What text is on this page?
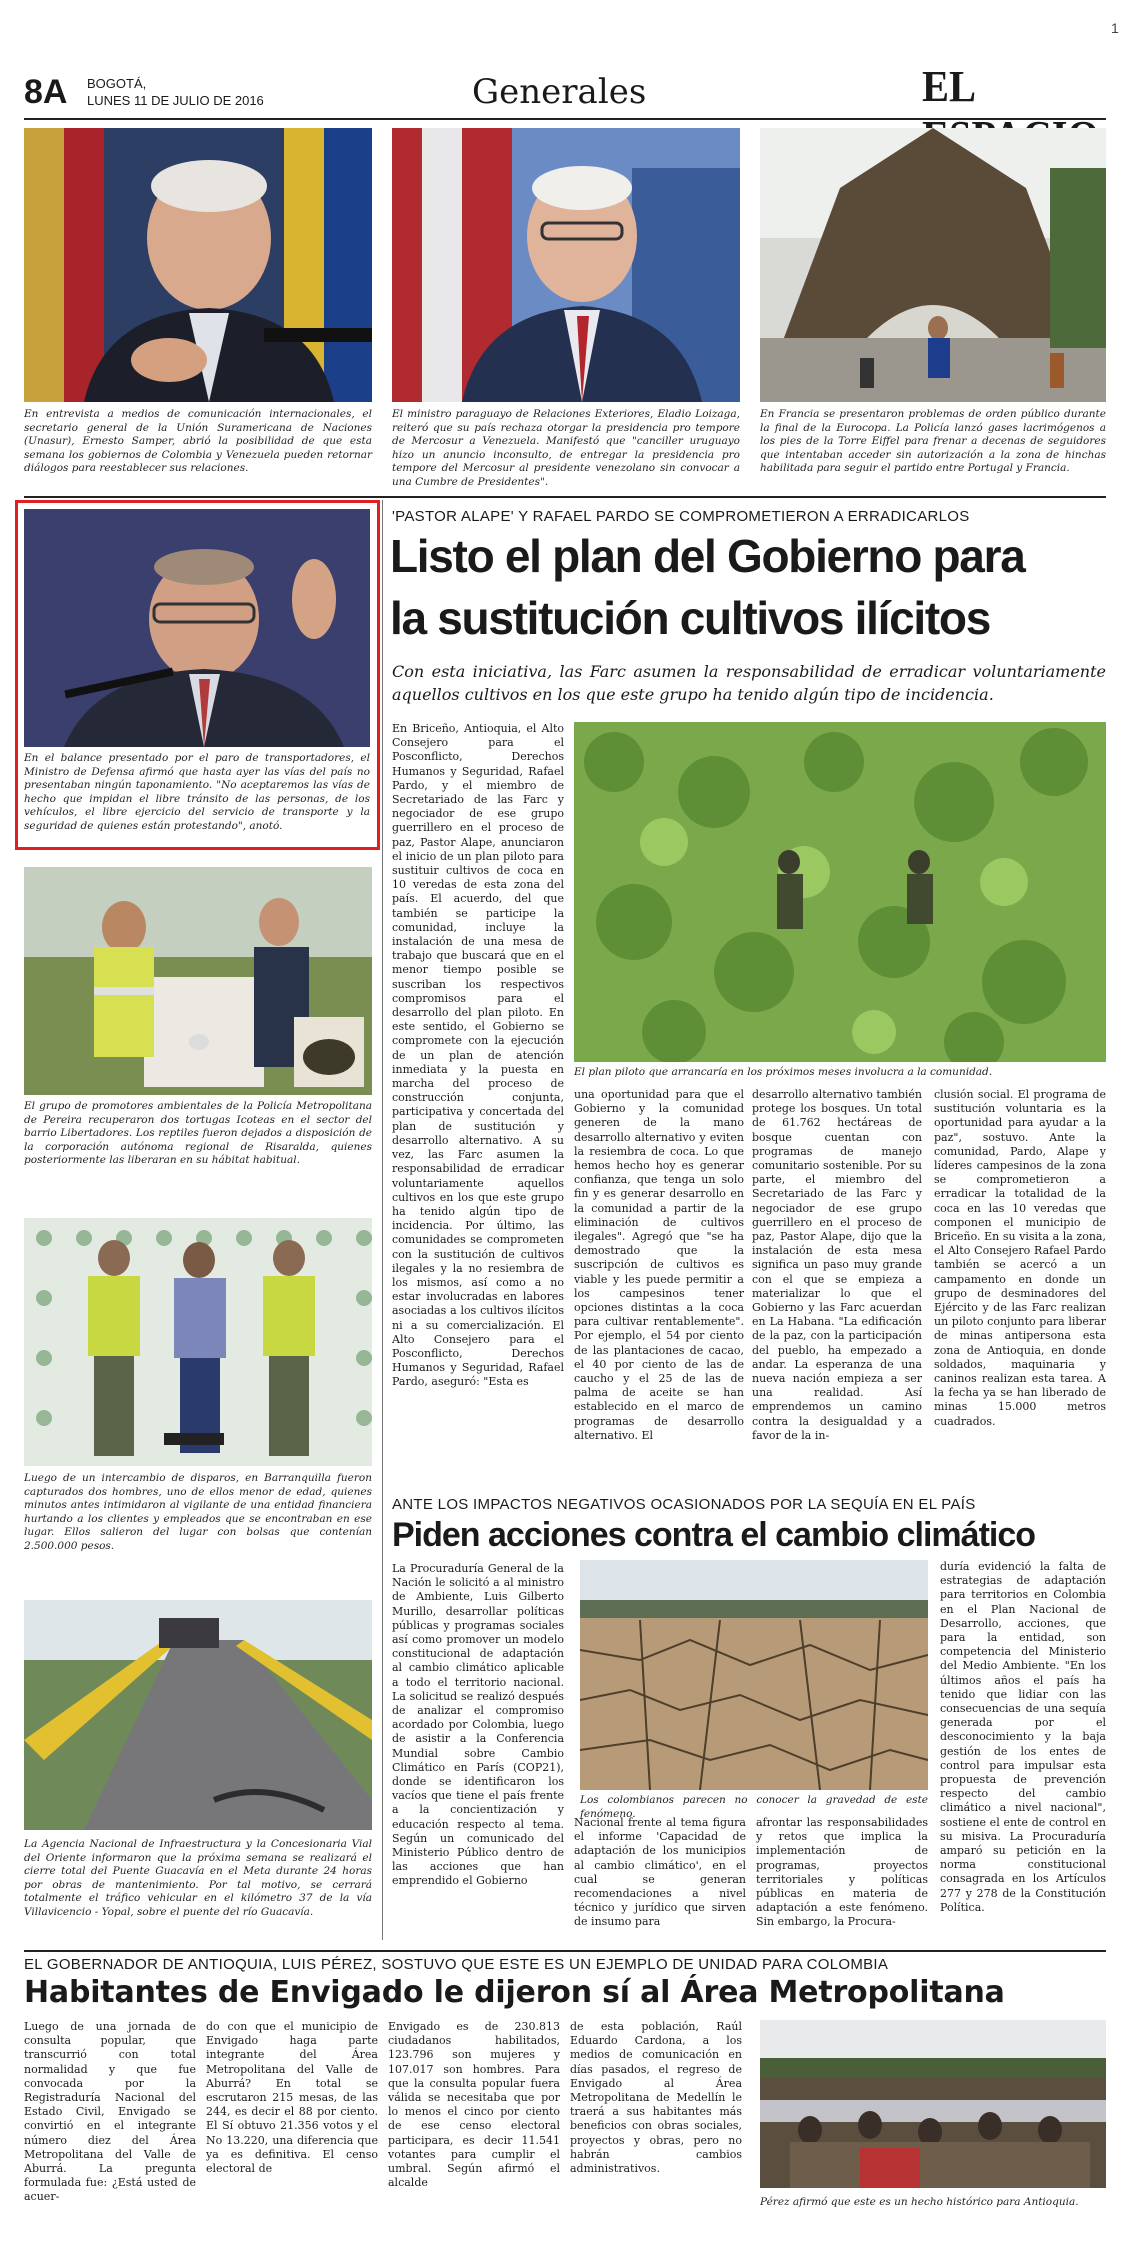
8A BOGOTÁ,
LUNES 11 DE JULIO DE 2016	Generales	EL
1
En entrevista a medios de comunicación internacionales, el secretario general de la Unión Suramericana de Naciones (Unasur), Ernesto Samper, abrió la posibilidad de que esta semana los gobiernos de Colombia y Venezuela pueden retornar diálogos para reestablecer sus relaciones.
El ministro paraguayo de Relaciones Exteriores, Eladio Loizaga, reiteró que su país rechaza otorgar la presidencia pro tempore de Mercosur a Venezuela. Manifestó que "canciller uruguayo hizo un anuncio inconsulto, de entregar la presidencia pro tempore del Mercosur al presidente venezolano sin convocar a una Cumbre de Presidentes".
En Francia se presentaron problemas de orden público durante la final de la Eurocopa. La Policía lanzó gases lacrimógenos a los pies de la Torre Eiffel para frenar a decenas de seguidores que intentaban acceder sin autorización a la zona de hinchas habilitada para seguir el partido entre Portugal y Francia.
En el balance presentado por el paro de transportadores, el Ministro de Defensa afirmó que hasta ayer las vías del país no presentaban ningún taponamiento. "No aceptaremos las vías de hecho que impidan el libre tránsito de las personas, de los vehículos, el libre ejercicio del servicio de transporte y la seguridad de quienes están protestando", anotó.
El grupo de promotores ambientales de la Policía Metropolitana de Pereira recuperaron dos tortugas Icoteas en el sector del barrio Libertadores. Los reptiles fueron dejados a disposición de la corporación autónoma regional de Risaralda, quienes posteriormente las liberaran en su hábitat habitual.
Luego de un intercambio de disparos, en Barranquilla fueron capturados dos hombres, uno de ellos menor de edad, quienes minutos antes intimidaron al vigilante de una entidad financiera hurtando a los clientes y empleados que se encontraban en ese lugar. Ellos salieron del lugar con bolsas que contenían 2.500.000 pesos.
La Agencia Nacional de Infraestructura y la Concesionaria Vial del Oriente informaron que la próxima semana se realizará el cierre total del Puente Guacavía en el Meta durante 24 horas por obras de mantenimiento. Por tal motivo, se cerrará totalmente el tráfico vehicular en el kilómetro 37 de la vía Villavicencio - Yopal, sobre el puente del río Guacavía.
'PASTOR ALAPE' Y RAFAEL PARDO SE COMPROMETIERON A ERRADICARLOS
Listo el plan del Gobierno para
la sustitución cultivos ilícitos
Con esta iniciativa, las Farc asumen la responsabilidad de erradicar voluntariamente aquellos cultivos en los que este grupo ha tenido algún tipo de incidencia.
En Briceño, Antioquia, el Alto Consejero para el Posconflicto, Derechos Humanos y Seguridad, Rafael Pardo, y el miembro de Secretariado de las Farc y negociador de ese grupo guerrillero en el proceso de paz, Pastor Alape, anunciaron el inicio de un plan piloto para sustituir cultivos de coca en 10 veredas de esta zona del país. El acuerdo, del que también se participe la comunidad, incluye la instalación de una mesa de trabajo que buscará que en el menor tiempo posible se suscriban los respectivos compromisos para el desarrollo del plan piloto. En este sentido, el Gobierno se compromete con la ejecución de un plan de atención inmediata y la puesta en marcha del proceso de construcción conjunta, participativa y concertada del plan de sustitución y desarrollo alternativo. A su vez, las Farc asumen la responsabilidad de erradicar voluntariamente aquellos cultivos en los que este grupo ha tenido algún tipo de incidencia. Por último, las comunidades se comprometen con la sustitución de cultivos ilegales y la no resiembra de los mismos, así como a no estar involucradas en labores asociadas a los cultivos ilícitos ni a su comercialización. El Alto Consejero para el Posconflicto, Derechos Humanos y Seguridad, Rafael Pardo, aseguró: "Esta es
El plan piloto que arrancaría en los próximos meses involucra a la comunidad.
una oportunidad para que el Gobierno y la comunidad generen de la mano desarrollo alternativo y eviten la resiembra de coca. Lo que hemos hecho hoy es generar confianza, que tenga un solo fin y es generar desarrollo en la comunidad a partir de la eliminación de cultivos ilegales". Agregó que "se ha demostrado que la suscripción de cultivos es viable y les puede permitir a los campesinos tener opciones distintas a la coca para cultivar rentablemente". Por ejemplo, el 54 por ciento de las plantaciones de cacao, el 40 por ciento de las de caucho y el 25 de las de palma de aceite se han establecido en el marco de programas de desarrollo alternativo. El
desarrollo alternativo también protege los bosques. Un total de 61.762 hectáreas de bosque cuentan con programas de manejo comunitario sostenible. Por su parte, el miembro del Secretariado de las Farc y negociador de ese grupo guerrillero en el proceso de paz, Pastor Alape, dijo que la instalación de esta mesa significa un paso muy grande con el que se empieza a materializar lo que el Gobierno y las Farc acuerdan en La Habana. "La edificación de la paz, con la participación del pueblo, ha empezado a andar. La esperanza de una nueva nación empieza a ser una realidad. Así emprendemos un camino contra la desigualdad y a favor de la in-
clusión social. El programa de sustitución voluntaria es la oportunidad para ayudar a la paz", sostuvo. Ante la comunidad, Pardo, Alape y líderes campesinos de la zona se comprometieron a erradicar la totalidad de la coca en las 10 veredas que componen el municipio de Briceño. En su visita a la zona, el Alto Consejero Rafael Pardo también se acercó a un campamento en donde un grupo de desminadores del Ejército y de las Farc realizan un piloto conjunto para liberar de minas antipersona esta zona de Antioquia, en donde soldados, maquinaria y caninos realizan esta tarea. A la fecha ya se han liberado de minas 15.000 metros cuadrados.
ANTE LOS IMPACTOS NEGATIVOS OCASIONADOS POR LA SEQUÍA EN EL PAÍS
Piden acciones contra el cambio climático
La Procuraduría General de la Nación le solicitó a al ministro de Ambiente, Luis Gilberto Murillo, desarrollar políticas públicas y programas sociales así como promover un modelo constitucional de adaptación al cambio climático aplicable a todo el territorio nacional. La solicitud se realizó después de analizar el compromiso acordado por Colombia, luego de asistir a la Conferencia Mundial sobre Cambio Climático en París (COP21), donde se identificaron los vacíos que tiene el país frente a la concientización y educación respecto al tema. Según un comunicado del Ministerio Público dentro de las acciones que han emprendido el Gobierno
Los colombianos parecen no conocer la gravedad de este fenómeno.
Nacional frente al tema figura el informe 'Capacidad de adaptación de los municipios al cambio climático', en el cual se generan recomendaciones a nivel técnico y jurídico que sirven de insumo para
afrontar las responsabilidades y retos que implica la implementación de programas, proyectos territoriales y políticas públicas en materia de adaptación a este fenómeno. Sin embargo, la Procura-
duría evidenció la falta de estrategias de adaptación para territorios en Colombia en el Plan Nacional de Desarrollo, acciones, que para la entidad, son competencia del Ministerio del Medio Ambiente. "En los últimos años el país ha tenido que lidiar con las consecuencias de una sequía generada por el desconocimiento y la baja gestión de los entes de control para impulsar esta propuesta de prevención respecto del cambio climático a nivel nacional", sostiene el ente de control en su misiva. La Procuraduría amparó su petición en la norma constitucional consagrada en los Artículos 277 y 278 de la Constitución Política.
EL GOBERNADOR DE ANTIOQUIA, LUIS PÉREZ, SOSTUVO QUE ESTE ES UN EJEMPLO DE UNIDAD PARA COLOMBIA
Habitantes de Envigado le dijeron sí al Área Metropolitana
Luego de una jornada de consulta popular, que transcurrió con total normalidad y que fue convocada por la Registraduría Nacional del Estado Civil, Envigado se convirtió en el integrante número diez del Área Metropolitana del Valle de Aburrá. La pregunta formulada fue: ¿Está usted de acuer-
do con que el municipio de Envigado haga parte integrante del Área Metropolitana del Valle de Aburrá? En total se escrutaron 215 mesas, de las 244, es decir el 88 por ciento. El Sí obtuvo 21.356 votos y el No 13.220, una diferencia que ya es definitiva. El censo electoral de
Envigado es de 230.813 ciudadanos habilitados, 123.796 son mujeres y 107.017 son hombres. Para que la consulta popular fuera válida se necesitaba que por lo menos el cinco por ciento de ese censo electoral participara, es decir 11.541 votantes para cumplir el umbral. Según afirmó el alcalde
de esta población, Raúl Eduardo Cardona, a los medios de comunicación en días pasados, el regreso de Envigado al Área Metropolitana de Medellín le traerá a sus habitantes más beneficios con obras sociales, proyectos y obras, pero no habrán cambios administrativos.
Pérez afirmó que este es un hecho histórico para Antioquia.
